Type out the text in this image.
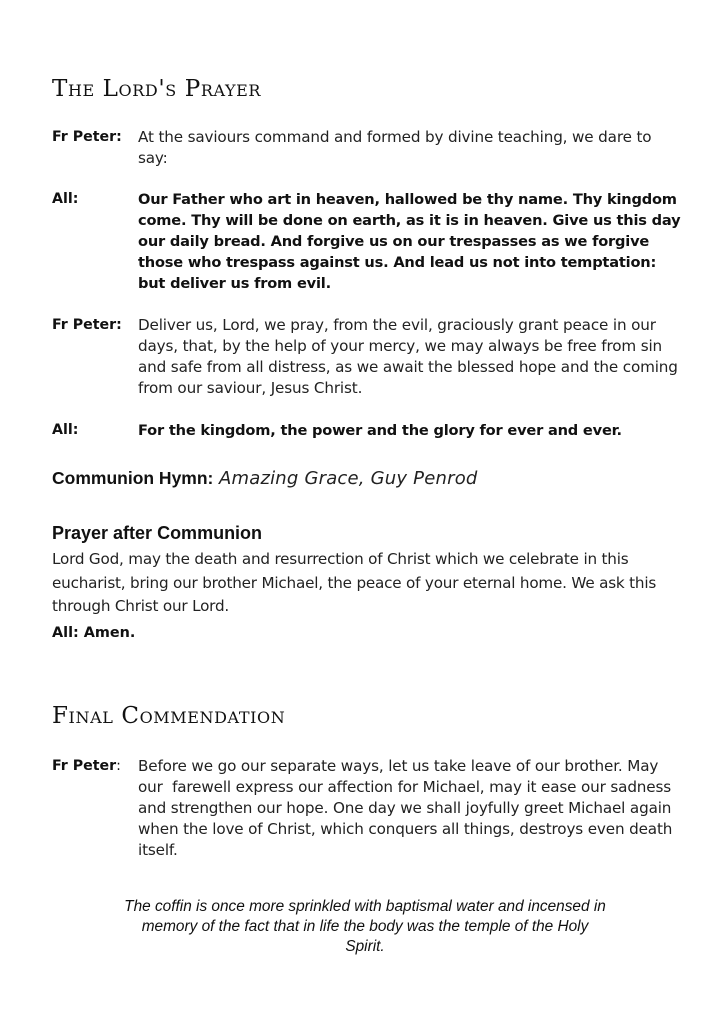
The Lord's Prayer
Fr Peter:	At the saviours command and formed by divine teaching, we dare to say:
All:	Our Father who art in heaven, hallowed be thy name. Thy kingdom come. Thy will be done on earth, as it is in heaven. Give us this day our daily bread. And forgive us on our trespasses as we forgive those who trespass against us. And lead us not into temptation: but deliver us from evil.
Fr Peter:	Deliver us, Lord, we pray, from the evil, graciously grant peace in our days, that, by the help of your mercy, we may always be free from sin and safe from all distress, as we await the blessed hope and the coming from our saviour, Jesus Christ.
All:	For the kingdom, the power and the glory for ever and ever.
Communion Hymn: Amazing Grace, Guy Penrod
Prayer after Communion
Lord God, may the death and resurrection of Christ which we celebrate in this eucharist, bring our brother Michael, the peace of your eternal home. We ask this through Christ our Lord.
All: Amen.
Final Commendation
Fr Peter:	Before we go our separate ways, let us take leave of our brother. May our  farewell express our affection for Michael, may it ease our sadness and strengthen our hope. One day we shall joyfully greet Michael again when the love of Christ, which conquers all things, destroys even death itself.
The coffin is once more sprinkled with baptismal water and incensed in memory of the fact that in life the body was the temple of the Holy Spirit.
